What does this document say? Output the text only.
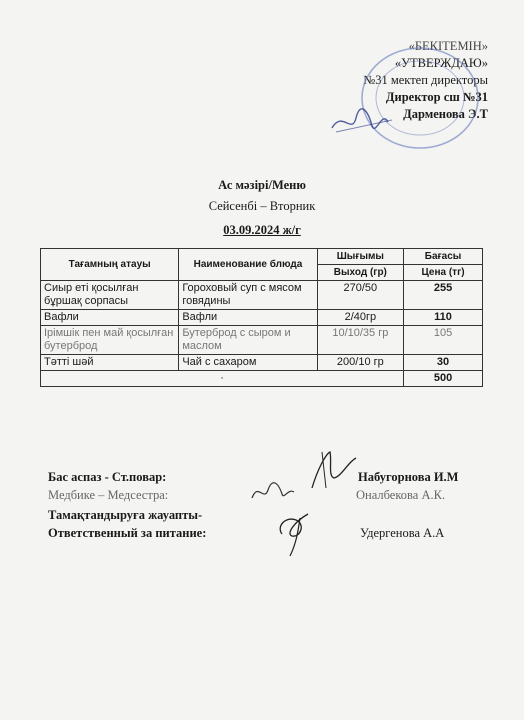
«БЕКІТЕМІН»
«УТВЕРЖДАЮ»
№31 мектеп директоры
Директор сш №31
Дарменова Э.Т
Ас мәзірі/Меню
Сейсенбі – Вторник
03.09.2024 ж/г
Тағамның атауы	Наименование блюда	Шығымы	Бағасы
		Выход (гр)	Цена (тг)
Сиыр еті қосылған бұршақ сорпасы	Гороховый суп с мясом говядины	270/50	255
Вафли	Вафли	2/40гр	110
Ірімшік пен май қосылған бутерброд	Бутерброд с сыром и маслом	10/10/35 гр	105
Тәтті шәй	Чай с сахаром	200/10 гр	30
·			500
Бас аспаз - Ст.повар:	Набугорнова И.М
Медбике – Медсестра:	Оналбекова А.К.
Тамақтандыруға жауапты-
Ответственный за питание:	Удергенова А.А
